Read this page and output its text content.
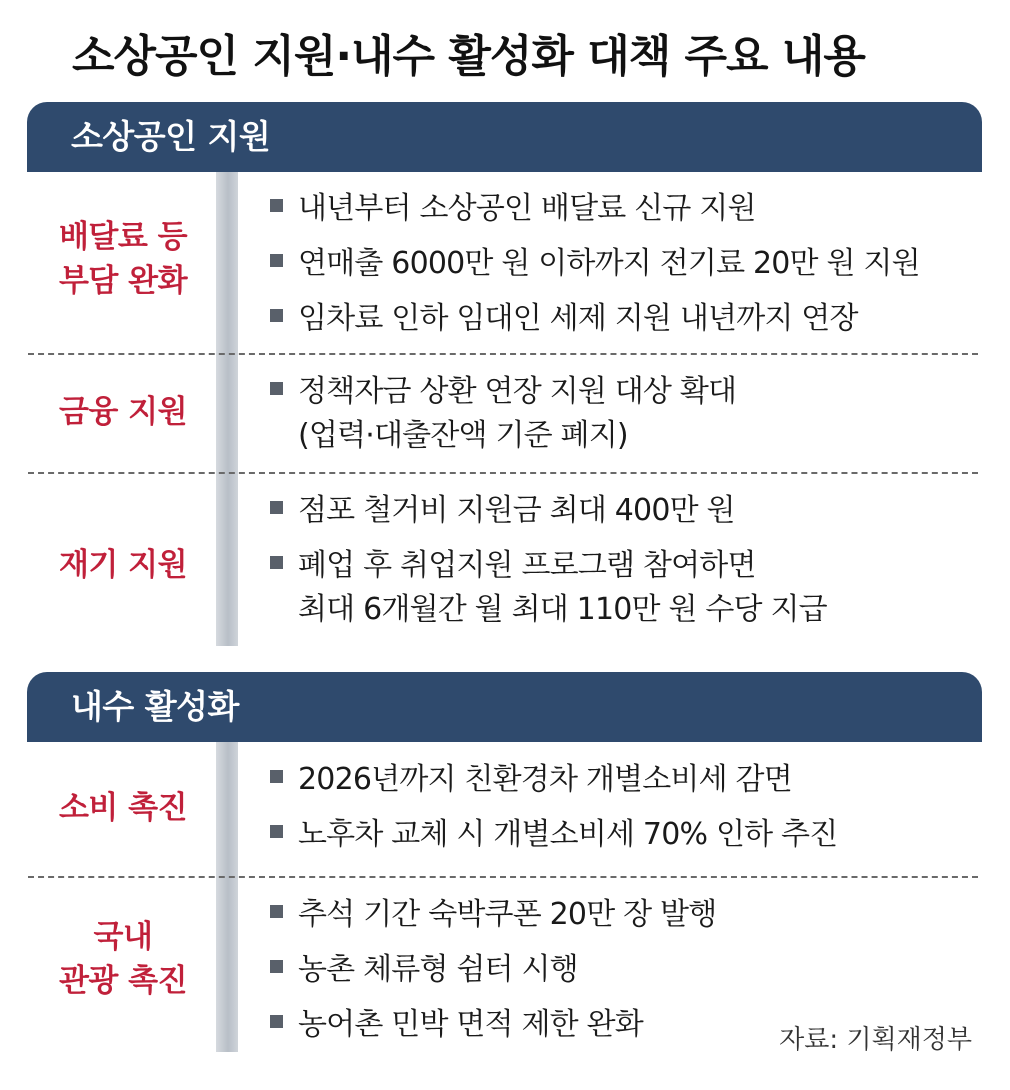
소상공인 지원·내수 활성화 대책 주요 내용
소상공인 지원
배달료 등
부담 완화
내년부터 소상공인 배달료 신규 지원
연매출 6000만 원 이하까지 전기료 20만 원 지원
임차료 인하 임대인 세제 지원 내년까지 연장
금융 지원
정책자금 상환 연장 지원 대상 확대
(업력·대출잔액 기준 폐지)
재기 지원
점포 철거비 지원금 최대 400만 원
폐업 후 취업지원 프로그램 참여하면
최대 6개월간 월 최대 110만 원 수당 지급
내수 활성화
소비 촉진
2026년까지 친환경차 개별소비세 감면
노후차 교체 시 개별소비세 70% 인하 추진
국내
관광 촉진
추석 기간 숙박쿠폰 20만 장 발행
농촌 체류형 쉼터 시행
농어촌 민박 면적 제한 완화	자료: 기획재정부
